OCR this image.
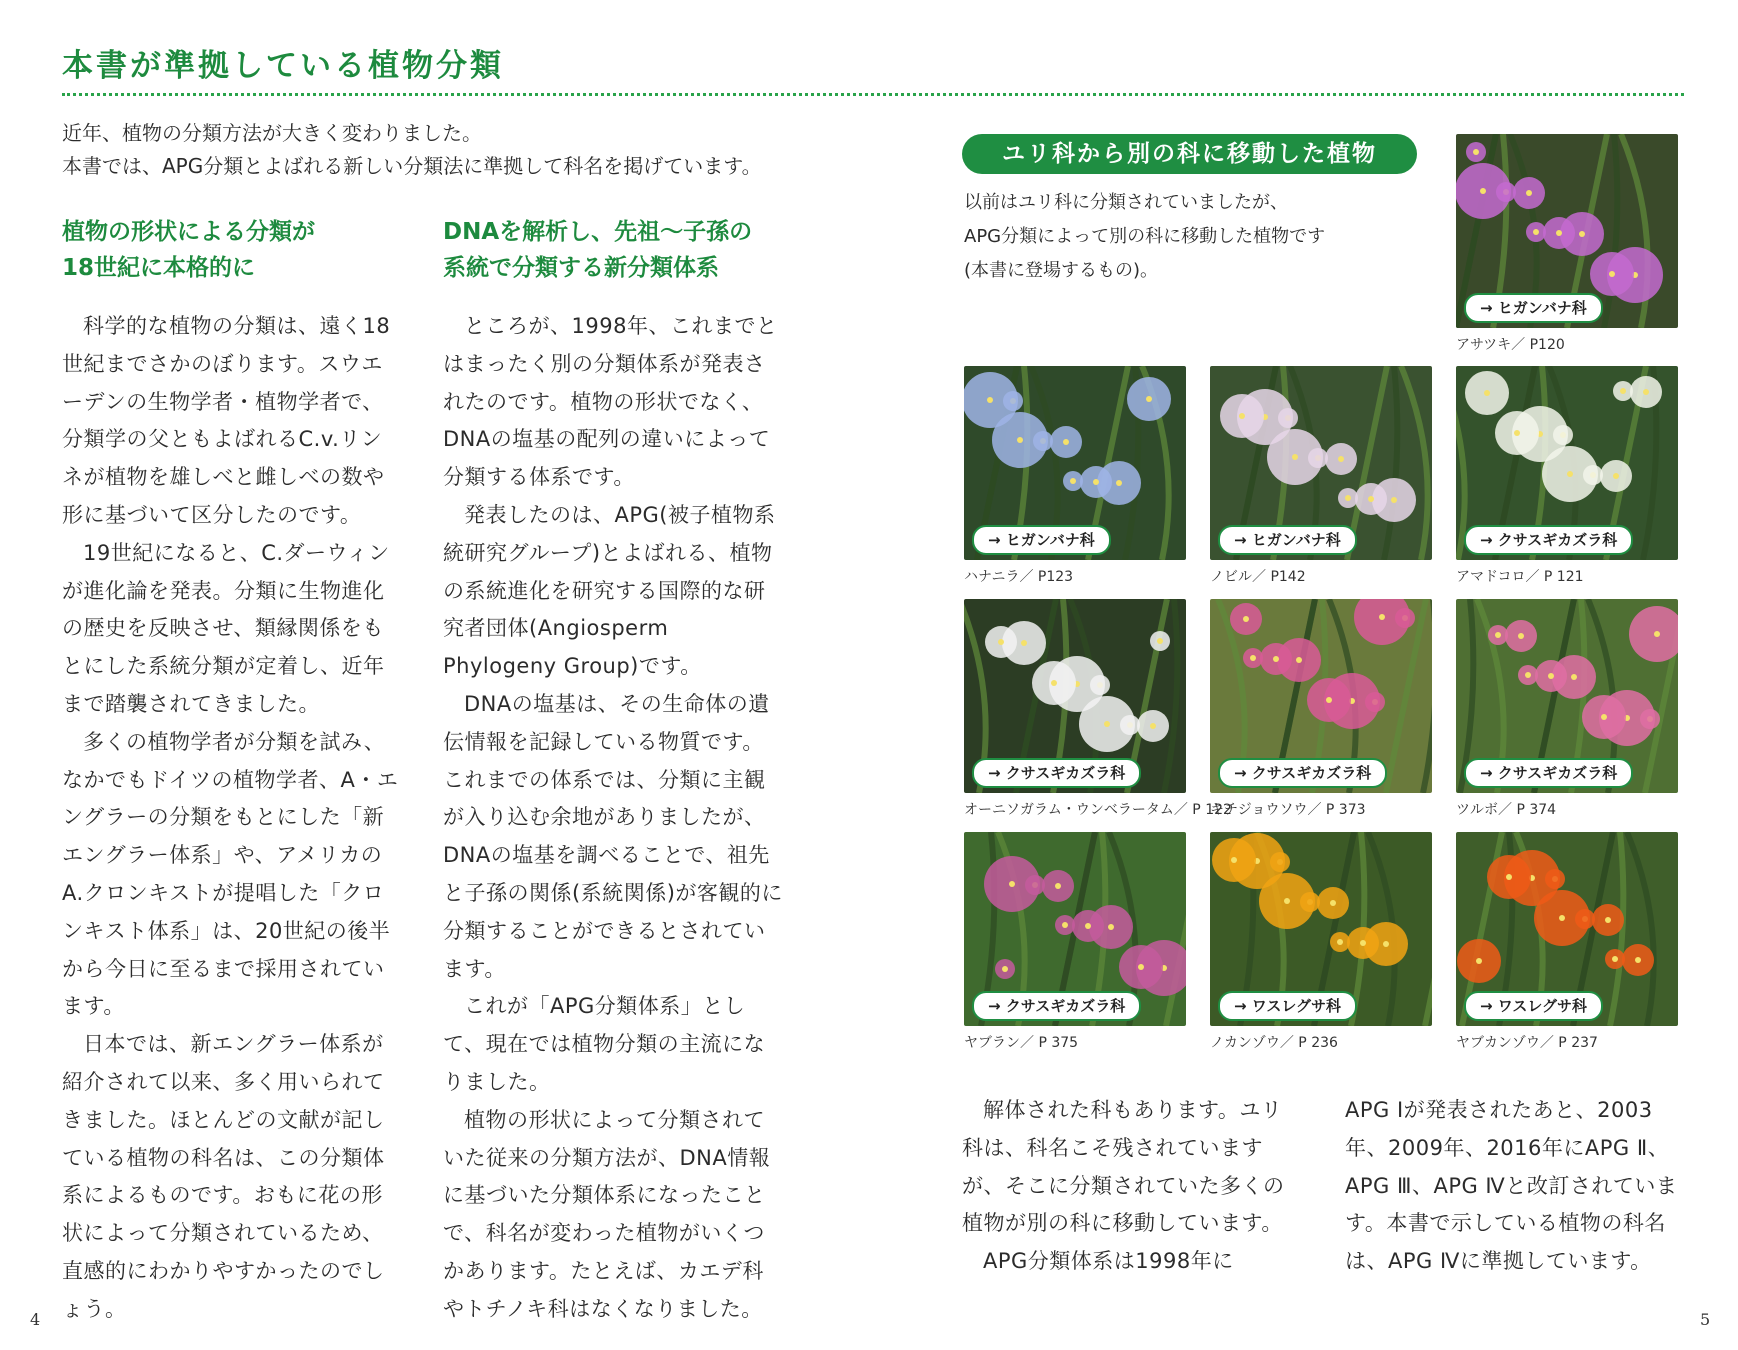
本書が準拠している植物分類
近年、植物の分類方法が大きく変わりました。
本書では、APG分類とよばれる新しい分類法に準拠して科名を掲げています。
植物の形状による分類が
18世紀に本格的に

科学的な植物の分類は、遠く18世紀までさかのぼります。スウエーデンの生物学者・植物学者で、分類学の父ともよばれるC.v.リンネが植物を雄しべと雌しべの数や形に基づいて区分したのです。

19世紀になると、C.ダーウィンが進化論を発表。分類に生物進化の歴史を反映させ、類縁関係をもとにした系統分類が定着し、近年まで踏襲されてきました。

多くの植物学者が分類を試み、なかでもドイツの植物学者、A・エングラーの分類をもとにした「新エングラー体系」や、アメリカのA.クロンキストが提唱した「クロンキスト体系」は、20世紀の後半から今日に至るまで採用されています。

日本では、新エングラー体系が紹介されて以来、多く用いられてきました。ほとんどの文献が記している植物の科名は、この分類体系によるものです。おもに花の形状によって分類されているため、直感的にわかりやすかったのでしょう。

DNAを解析し、先祖〜子孫の
系統で分類する新分類体系

ところが、1998年、これまでとはまったく別の分類体系が発表されたのです。植物の形状でなく、DNAの塩基の配列の違いによって分類する体系です。

発表したのは、APG(被子植物系統研究グループ)とよばれる、植物の系統進化を研究する国際的な研究者団体(Angiosperm Phylogeny Group)です。

DNAの塩基は、その生命体の遺伝情報を記録している物質です。これまでの体系では、分類に主観が入り込む余地がありましたが、DNAの塩基を調べることで、祖先と子孫の関係(系統関係)が客観的に分類することができるとされています。

これが「APG分類体系」として、現在では植物分類の主流になりました。

植物の形状によって分類されていた従来の分類方法が、DNA情報に基づいた分類体系になったことで、科名が変わった植物がいくつかあります。たとえば、カエデ科やトチノキ科はなくなりました。

ユリ科から別の科に移動した植物
以前はユリ科に分類されていましたが、
APG分類によって別の科に移動した植物です
(本書に登場するもの)。
→ ヒガンバナ科
アサツキ／ P120
→ ヒガンバナ科
ハナニラ／ P123
→ ヒガンバナ科
ノビル／ P142
→ クサスギカズラ科
アマドコロ／ P 121
→ クサスギカズラ科
オーニソガラム・ウンベラータム／ P 122
→ クサスギカズラ科
キチジョウソウ／ P 373
→ クサスギカズラ科
ツルボ／ P 374
→ クサスギカズラ科
ヤブラン／ P 375
→ ワスレグサ科
ノカンゾウ／ P 236
→ ワスレグサ科
ヤブカンゾウ／ P 237

解体された科もあります。ユリ科は、科名こそ残されていますが、そこに分類されていた多くの植物が別の科に移動しています。

APG分類体系は1998年に

APG Ⅰが発表されたあと、2003年、2009年、2016年にAPG Ⅱ、APG Ⅲ、APG Ⅳと改訂されています。本書で示している植物の科名は、APG Ⅳに準拠しています。

4	5
